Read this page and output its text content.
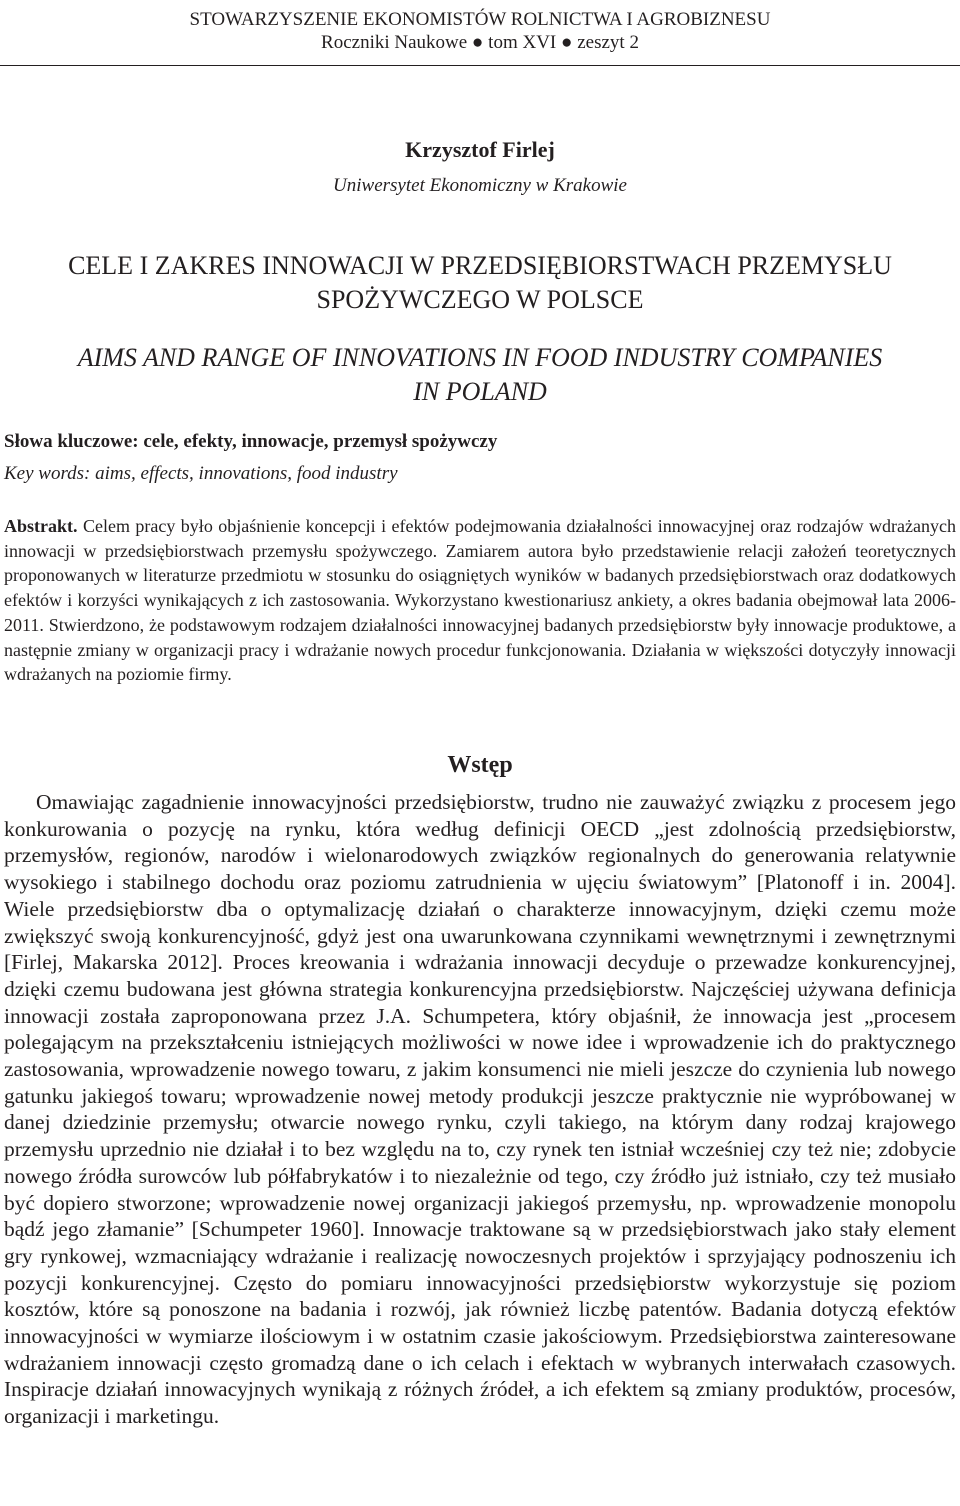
STOWARZYSZENIE EKONOMISTÓW ROLNICTWA I AGROBIZNESU
Roczniki Naukowe ● tom XVI ● zeszyt 2
Krzysztof Firlej
Uniwersytet Ekonomiczny w Krakowie
CELE I ZAKRES INNOWACJI W PRZEDSIĘBIORSTWACH PRZEMYSŁU
SPOŻYWCZEGO W POLSCE
AIMS AND RANGE OF INNOVATIONS IN FOOD INDUSTRY COMPANIES
IN POLAND
Słowa kluczowe: cele, efekty, innowacje, przemysł spożywczy
Key words: aims, effects, innovations, food industry
Abstrakt. Celem pracy było objaśnienie koncepcji i efektów podejmowania działalności innowacyjnej oraz rodzajów wdrażanych innowacji w przedsiębiorstwach przemysłu spożywczego. Zamiarem autora było przedstawienie relacji założeń teoretycznych proponowanych w literaturze przedmiotu w stosunku do osiągniętych wyników w badanych przedsiębiorstwach oraz dodatkowych efektów i korzyści wynikających z ich zastosowania. Wykorzystano kwestionariusz ankiety, a okres badania obejmował lata 2006-2011. Stwierdzono, że podstawowym rodzajem działalności innowacyjnej badanych przedsiębiorstw były innowacje produktowe, a następnie zmiany w organizacji pracy i wdrażanie nowych procedur funkcjonowania. Działania w większości dotyczyły innowacji wdrażanych na poziomie firmy.
Wstęp

Omawiając zagadnienie innowacyjności przedsiębiorstw, trudno nie zauważyć związku z procesem jego konkurowania o pozycję na rynku, która według definicji OECD „jest zdolnością przedsiębiorstw, przemysłów, regionów, narodów i wielonarodowych związków regionalnych do generowania relatywnie wysokiego i stabilnego dochodu oraz poziomu zatrudnienia w ujęciu światowym” [Platonoff i in. 2004]. Wiele przedsiębiorstw dba o optymalizację działań o charakterze innowacyjnym, dzięki czemu może zwiększyć swoją konkurencyjność, gdyż jest ona uwarunkowana czynnikami wewnętrznymi i zewnętrznymi [Firlej, Makarska 2012]. Proces kreowania i wdrażania innowacji decyduje o przewadze konkurencyjnej, dzięki czemu budowana jest główna strategia konkurencyjna przedsiębiorstw. Najczęściej używana definicja innowacji została zaproponowana przez J.A. Schumpetera, który objaśnił, że innowacja jest „procesem polegającym na przekształceniu istniejących możliwości w nowe idee i wprowadzenie ich do praktycznego zastosowania, wprowadzenie nowego towaru, z jakim konsumenci nie mieli jeszcze do czynienia lub nowego gatunku jakiegoś towaru; wprowadzenie nowej metody produkcji jeszcze praktycznie nie wypróbowanej w danej dziedzinie przemysłu; otwarcie nowego rynku, czyli takiego, na którym dany rodzaj krajowego przemysłu uprzednio nie działał i to bez względu na to, czy rynek ten istniał wcześniej czy też nie; zdobycie nowego źródła surowców lub półfabrykatów i to niezależnie od tego, czy źródło już istniało, czy też musiało być dopiero stworzone; wprowadzenie nowej organizacji jakiegoś przemysłu, np. wprowadzenie monopolu bądź jego złamanie” [Schumpeter 1960]. Innowacje traktowane są w przedsiębiorstwach jako stały element gry rynkowej, wzmacniający wdrażanie i realizację nowoczesnych projektów i sprzyjający podnoszeniu ich pozycji konkurencyjnej. Często do pomiaru innowacyjności przedsiębiorstw wykorzystuje się poziom kosztów, które są ponoszone na badania i rozwój, jak również liczbę patentów. Badania dotyczą efektów innowacyjności w wymiarze ilościowym i w ostatnim czasie jakościowym. Przedsiębiorstwa zainteresowane wdrażaniem innowacji często gromadzą dane o ich celach i efektach w wybranych interwałach czasowych. Inspiracje działań innowacyjnych wynikają z różnych źródeł, a ich efektem są zmiany produktów, procesów, organizacji i marketingu.
